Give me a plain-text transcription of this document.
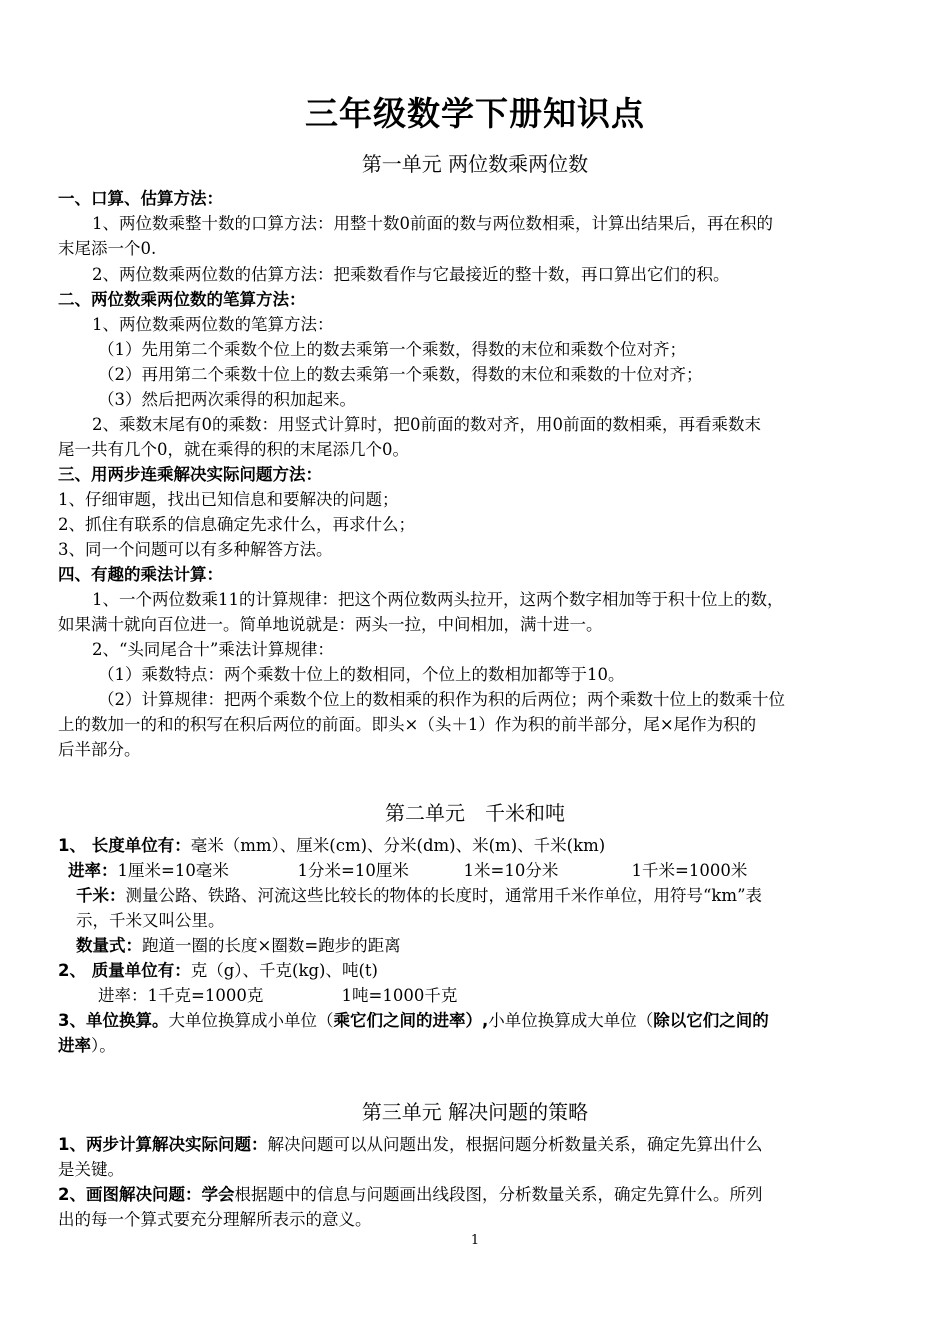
三年级数学下册知识点
第一单元 两位数乘两位数
一、口算、估算方法：
1、两位数乘整十数的口算方法：用整十数0前面的数与两位数相乘，计算出结果后，再在积的
末尾添一个0.
2、两位数乘两位数的估算方法：把乘数看作与它最接近的整十数，再口算出它们的积。
二、两位数乘两位数的笔算方法：
1、两位数乘两位数的笔算方法：
（1）先用第二个乘数个位上的数去乘第一个乘数，得数的末位和乘数个位对齐；
（2）再用第二个乘数十位上的数去乘第一个乘数，得数的末位和乘数的十位对齐；
（3）然后把两次乘得的积加起来。
2、乘数末尾有0的乘数：用竖式计算时，把0前面的数对齐，用0前面的数相乘，再看乘数末
尾一共有几个0，就在乘得的积的末尾添几个0。
三、用两步连乘解决实际问题方法：
1、仔细审题，找出已知信息和要解决的问题；
2、抓住有联系的信息确定先求什么，再求什么；
3、同一个问题可以有多种解答方法。
四、有趣的乘法计算：
1、一个两位数乘11的计算规律：把这个两位数两头拉开，这两个数字相加等于积十位上的数，
如果满十就向百位进一。简单地说就是：两头一拉，中间相加，满十进一。
2、“头同尾合十”乘法计算规律：
（1）乘数特点：两个乘数十位上的数相同，个位上的数相加都等于10。
（2）计算规律：把两个乘数个位上的数相乘的积作为积的后两位；两个乘数十位上的数乘十位
上的数加一的和的积写在积后两位的前面。即头×（头＋1）作为积的前半部分，尾×尾作为积的
后半部分。
第二单元　千米和吨
1、 长度单位有：毫米（mm）、厘米(cm)、分米(dm)、米(m)、千米(km)
进率：1厘米=10毫米	1分米=10厘米	1米=10分米	1千米=1000米
千米：测量公路、铁路、河流这些比较长的物体的长度时，通常用千米作单位，用符号“km”表
示，千米又叫公里。
数量式：跑道一圈的长度×圈数=跑步的距离
2、 质量单位有：克（g）、千克(kg)、吨(t)
进率：1千克=1000克	1吨=1000千克
3、单位换算。大单位换算成小单位（乘它们之间的进率）,小单位换算成大单位（除以它们之间的
进率）。
第三单元 解决问题的策略
1、两步计算解决实际问题：解决问题可以从问题出发，根据问题分析数量关系，确定先算出什么
是关键。
2、画图解决问题：学会根据题中的信息与问题画出线段图，分析数量关系，确定先算什么。所列
出的每一个算式要充分理解所表示的意义。
1
